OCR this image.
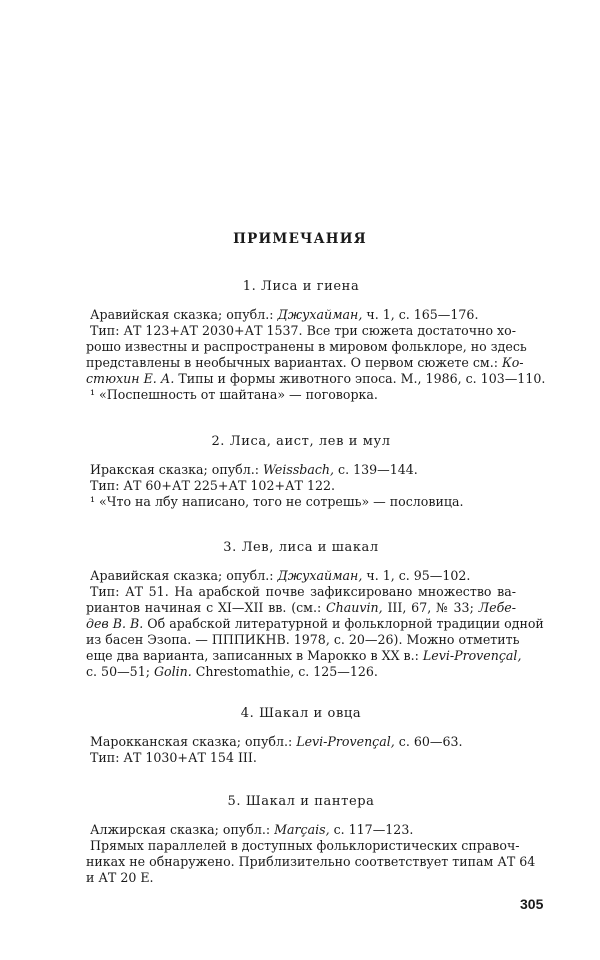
ПРИМЕЧАНИЯ
1. Лиса и гиена
Аравийская сказка; опубл.: Джухайман, ч. 1, с. 165—176.
Тип: АТ 123+АТ 2030+АТ 1537. Все три сюжета достаточно хо-
рошо известны и распространены в мировом фольклоре, но здесь
представлены в необычных вариантах. О первом сюжете см.: Ко-
стюхин Е. А. Типы и формы животного эпоса. М., 1986, с. 103—110.
¹ «Поспешность от шайтана» — поговорка.
2. Лиса, аист, лев и мул
Иракская сказка; опубл.: Weissbach, с. 139—144.
Тип: АТ 60+АТ 225+АТ 102+АТ 122.
¹ «Что на лбу написано, того не сотрешь» — пословица.
3. Лев, лиса и шакал
Аравийская сказка; опубл.: Джухайман, ч. 1, с. 95—102.
Тип: АТ 51. На арабской почве зафиксировано множество ва-
риантов начиная с XI—XII вв. (см.: Chauvin, III, 67, № 33; Лебе-
дев В. В. Об арабской литературной и фольклорной традиции одной
из басен Эзопа. — ПППИКНВ. 1978, с. 20—26). Можно отметить
еще два варианта, записанных в Марокко в XX в.: Levi-Provençal,
с. 50—51; Golin. Chrestomathie, с. 125—126.
4. Шакал и овца
Марокканская сказка; опубл.: Levi-Provençal, с. 60—63.
Тип: АТ 1030+АТ 154 III.
5. Шакал и пантера
Алжирская сказка; опубл.: Marçais, с. 117—123.
Прямых параллелей в доступных фольклористических справоч-
никах не обнаружено. Приблизительно соответствует типам АТ 64
и АТ 20 Е.
305
